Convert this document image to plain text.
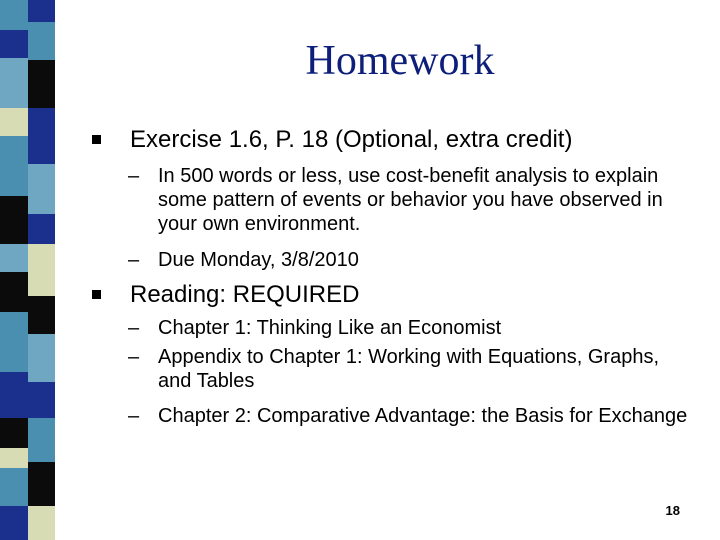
Homework
Exercise 1.6, P. 18 (Optional, extra credit)
– In 500 words or less, use cost-benefit analysis to explain some pattern of events or behavior you have observed in your own environment.
– Due Monday, 3/8/2010
Reading: REQUIRED
– Chapter 1: Thinking Like an Economist
– Appendix to Chapter 1: Working with Equations, Graphs, and Tables
– Chapter 2: Comparative Advantage: the Basis for Exchange
18
